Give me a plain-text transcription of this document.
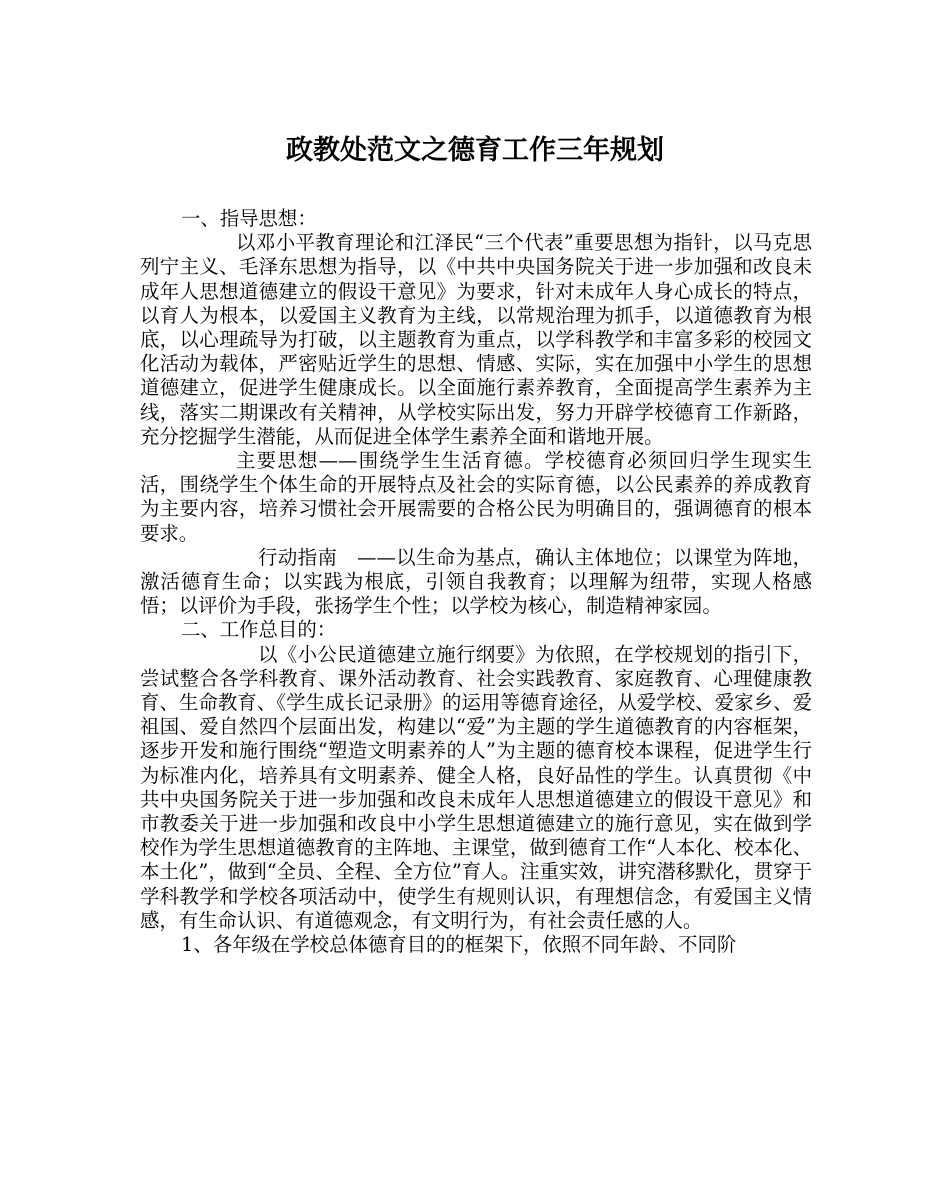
政教处范文之德育工作三年规划

一、指导思想：

以邓小平教育理论和江泽民“三个代表”重要思想为指针，以马克思列宁主义、毛泽东思想为指导，以《中共中央国务院关于进一步加强和改良未成年人思想道德建立的假设干意见》为要求，针对未成年人身心成长的特点，以育人为根本，以爱国主义教育为主线，以常规治理为抓手，以道德教育为根底，以心理疏导为打破，以主题教育为重点，以学科教学和丰富多彩的校园文化活动为载体，严密贴近学生的思想、情感、实际，实在加强中小学生的思想道德建立，促进学生健康成长。以全面施行素养教育，全面提高学生素养为主线，落实二期课改有关精神，从学校实际出发，努力开辟学校德育工作新路，充分挖掘学生潜能，从而促进全体学生素养全面和谐地开展。

主要思想——围绕学生生活育德。学校德育必须回归学生现实生活，围绕学生个体生命的开展特点及社会的实际育德，以公民素养的养成教育为主要内容，培养习惯社会开展需要的合格公民为明确目的，强调德育的根本要求。

行动指南　——以生命为基点，确认主体地位；以课堂为阵地，激活德育生命；以实践为根底，引领自我教育；以理解为纽带，实现人格感悟；以评价为手段，张扬学生个性；以学校为核心，制造精神家园。

二、工作总目的：

以《小公民道德建立施行纲要》为依照，在学校规划的指引下，尝试整合各学科教育、课外活动教育、社会实践教育、家庭教育、心理健康教育、生命教育、《学生成长记录册》的运用等德育途径，从爱学校、爱家乡、爱祖国、爱自然四个层面出发，构建以“爱”为主题的学生道德教育的内容框架，逐步开发和施行围绕“塑造文明素养的人”为主题的德育校本课程，促进学生行为标准内化，培养具有文明素养、健全人格，良好品性的学生。认真贯彻《中共中央国务院关于进一步加强和改良未成年人思想道德建立的假设干意见》和市教委关于进一步加强和改良中小学生思想道德建立的施行意见，实在做到学校作为学生思想道德教育的主阵地、主课堂，做到德育工作“人本化、校本化、本土化”，做到“全员、全程、全方位”育人。注重实效，讲究潜移默化，贯穿于学科教学和学校各项活动中，使学生有规则认识，有理想信念，有爱国主义情感，有生命认识、有道德观念，有文明行为，有社会责任感的人。

1、各年级在学校总体德育目的的框架下，依照不同年龄、不同阶
